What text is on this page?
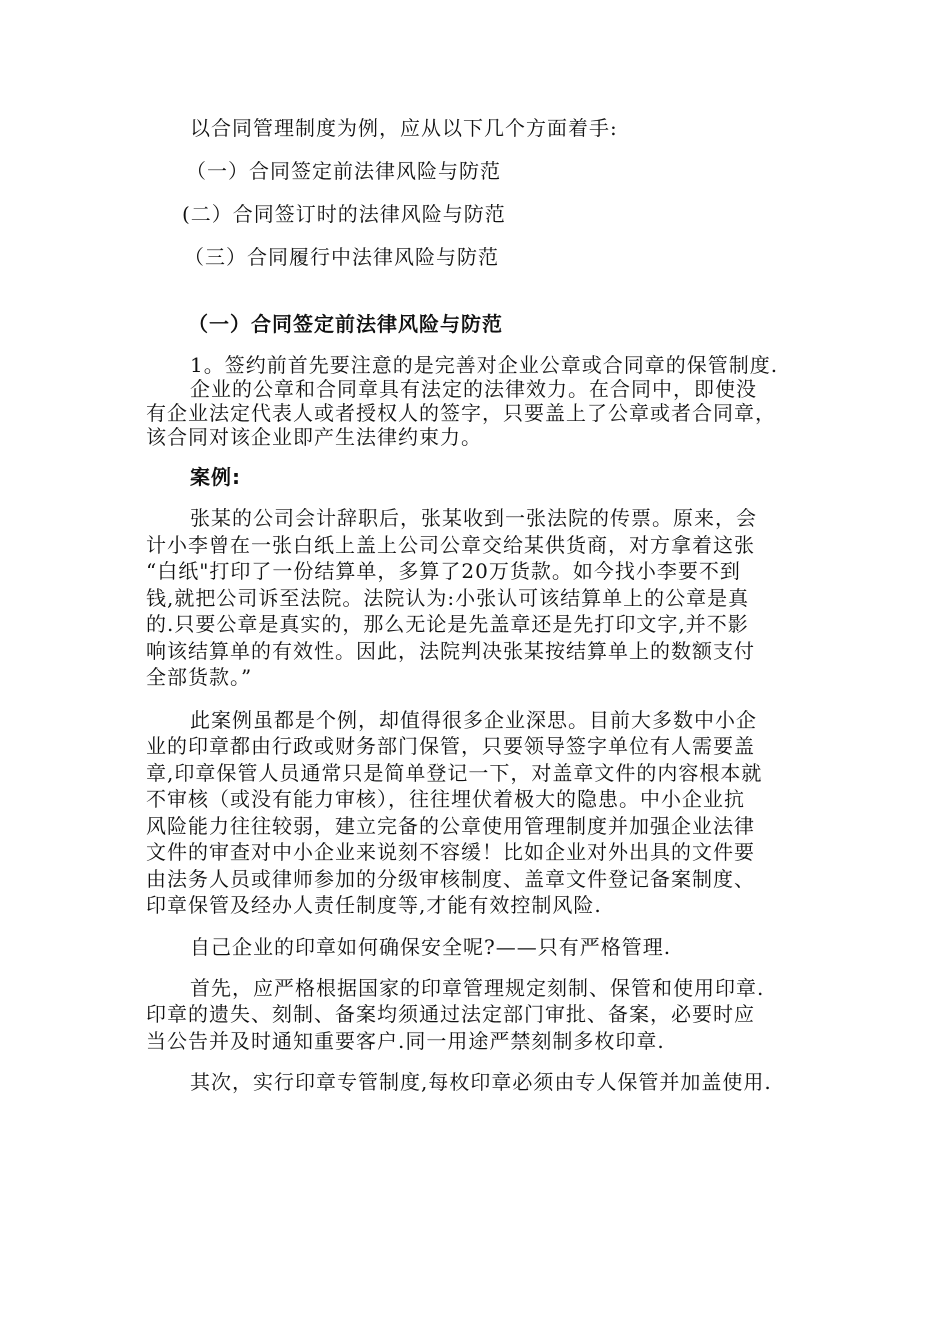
以合同管理制度为例，应从以下几个方面着手:
（一）合同签定前法律风险与防范
(二）合同签订时的法律风险与防范
（三）合同履行中法律风险与防范
（一）合同签定前法律风险与防范
1。签约前首先要注意的是完善对企业公章或合同章的保管制度.
企业的公章和合同章具有法定的法律效力。在合同中，即使没
有企业法定代表人或者授权人的签字，只要盖上了公章或者合同章，
该合同对该企业即产生法律约束力。
案例:
张某的公司会计辞职后，张某收到一张法院的传票。原来，会
计小李曾在一张白纸上盖上公司公章交给某供货商，对方拿着这张
“白纸"打印了一份结算单，多算了20万货款。如今找小李要不到
钱,就把公司诉至法院。法院认为:小张认可该结算单上的公章是真
的.只要公章是真实的，那么无论是先盖章还是先打印文字,并不影
响该结算单的有效性。因此，法院判决张某按结算单上的数额支付
全部货款。”
此案例虽都是个例，却值得很多企业深思。目前大多数中小企
业的印章都由行政或财务部门保管，只要领导签字单位有人需要盖
章,印章保管人员通常只是简单登记一下，对盖章文件的内容根本就
不审核（或没有能力审核），往往埋伏着极大的隐患。中小企业抗
风险能力往往较弱，建立完备的公章使用管理制度并加强企业法律
文件的审查对中小企业来说刻不容缓！比如企业对外出具的文件要
由法务人员或律师参加的分级审核制度、盖章文件登记备案制度、
印章保管及经办人责任制度等,才能有效控制风险.
自己企业的印章如何确保安全呢?——只有严格管理.
首先，应严格根据国家的印章管理规定刻制、保管和使用印章.
印章的遗失、刻制、备案均须通过法定部门审批、备案，必要时应
当公告并及时通知重要客户.同一用途严禁刻制多枚印章.
其次，实行印章专管制度,每枚印章必须由专人保管并加盖使用.
